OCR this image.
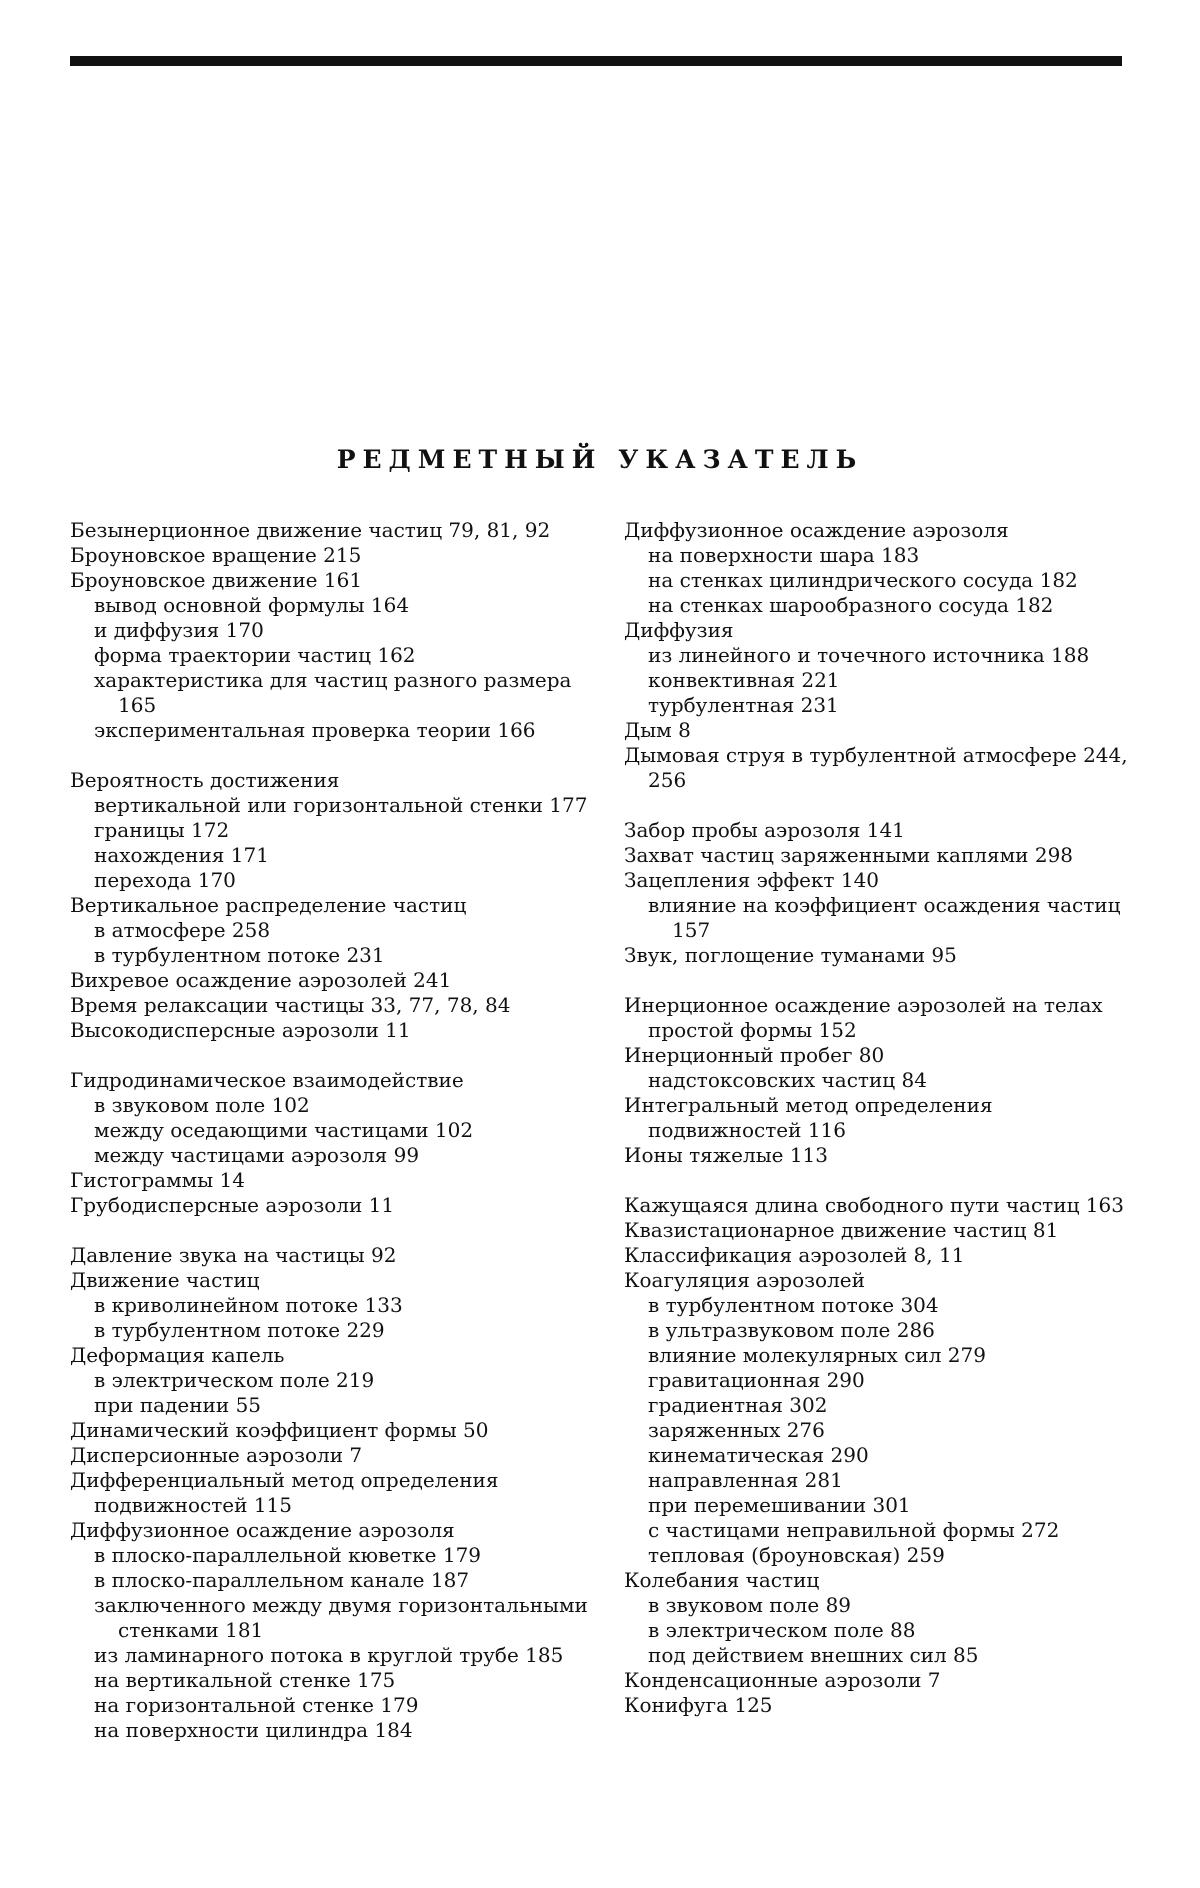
РЕДМЕТНЫЙ УКАЗАТЕЛЬ
Безынерционное движение частиц 79, 81, 92
Броуновское вращение 215
Броуновское движение 161
вывод основной формулы 164
и диффузия 170
форма траектории частиц 162
характеристика для частиц разного размера 165
экспериментальная проверка теории 166
Вероятность достижения
вертикальной или горизонтальной стенки 177
границы 172
нахождения 171
перехода 170
Вертикальное распределение частиц
в атмосфере 258
в турбулентном потоке 231
Вихревое осаждение аэрозолей 241
Время релаксации частицы 33, 77, 78, 84
Высокодисперсные аэрозоли 11
Гидродинамическое взаимодействие
в звуковом поле 102
между оседающими частицами 102
между частицами аэрозоля 99
Гистограммы 14
Грубодисперсные аэрозоли 11
Давление звука на частицы 92
Движение частиц
в криволинейном потоке 133
в турбулентном потоке 229
Деформация капель
в электрическом поле 219
при падении 55
Динамический коэффициент формы 50
Дисперсионные аэрозоли 7
Дифференциальный метод определения подвижностей 115
Диффузионное осаждение аэрозоля
в плоско-параллельной кюветке 179
в плоско-параллельном канале 187
заключенного между двумя горизонтальными стенками 181
из ламинарного потока в круглой трубе 185
на вертикальной стенке 175
на горизонтальной стенке 179
на поверхности цилиндра 184
Диффузионное осаждение аэрозоля
на поверхности шара 183
на стенках цилиндрического сосуда 182
на стенках шарообразного сосуда 182
Диффузия
из линейного и точечного источника 188
конвективная 221
турбулентная 231
Дым 8
Дымовая струя в турбулентной атмосфере 244, 256
Забор пробы аэрозоля 141
Захват частиц заряженными каплями 298
Зацепления эффект 140
влияние на коэффициент осаждения частиц 157
Звук, поглощение туманами 95
Инерционное осаждение аэрозолей на телах простой формы 152
Инерционный пробег 80
надстоксовских частиц 84
Интегральный метод определения подвижностей 116
Ионы тяжелые 113
Кажущаяся длина свободного пути частиц 163
Квазистационарное движение частиц 81
Классификация аэрозолей 8, 11
Коагуляция аэрозолей
в турбулентном потоке 304
в ультразвуковом поле 286
влияние молекулярных сил 279
гравитационная 290
градиентная 302
заряженных 276
кинематическая 290
направленная 281
при перемешивании 301
с частицами неправильной формы 272
тепловая (броуновская) 259
Колебания частиц
в звуковом поле 89
в электрическом поле 88
под действием внешних сил 85
Конденсационные аэрозоли 7
Конифуга 125
